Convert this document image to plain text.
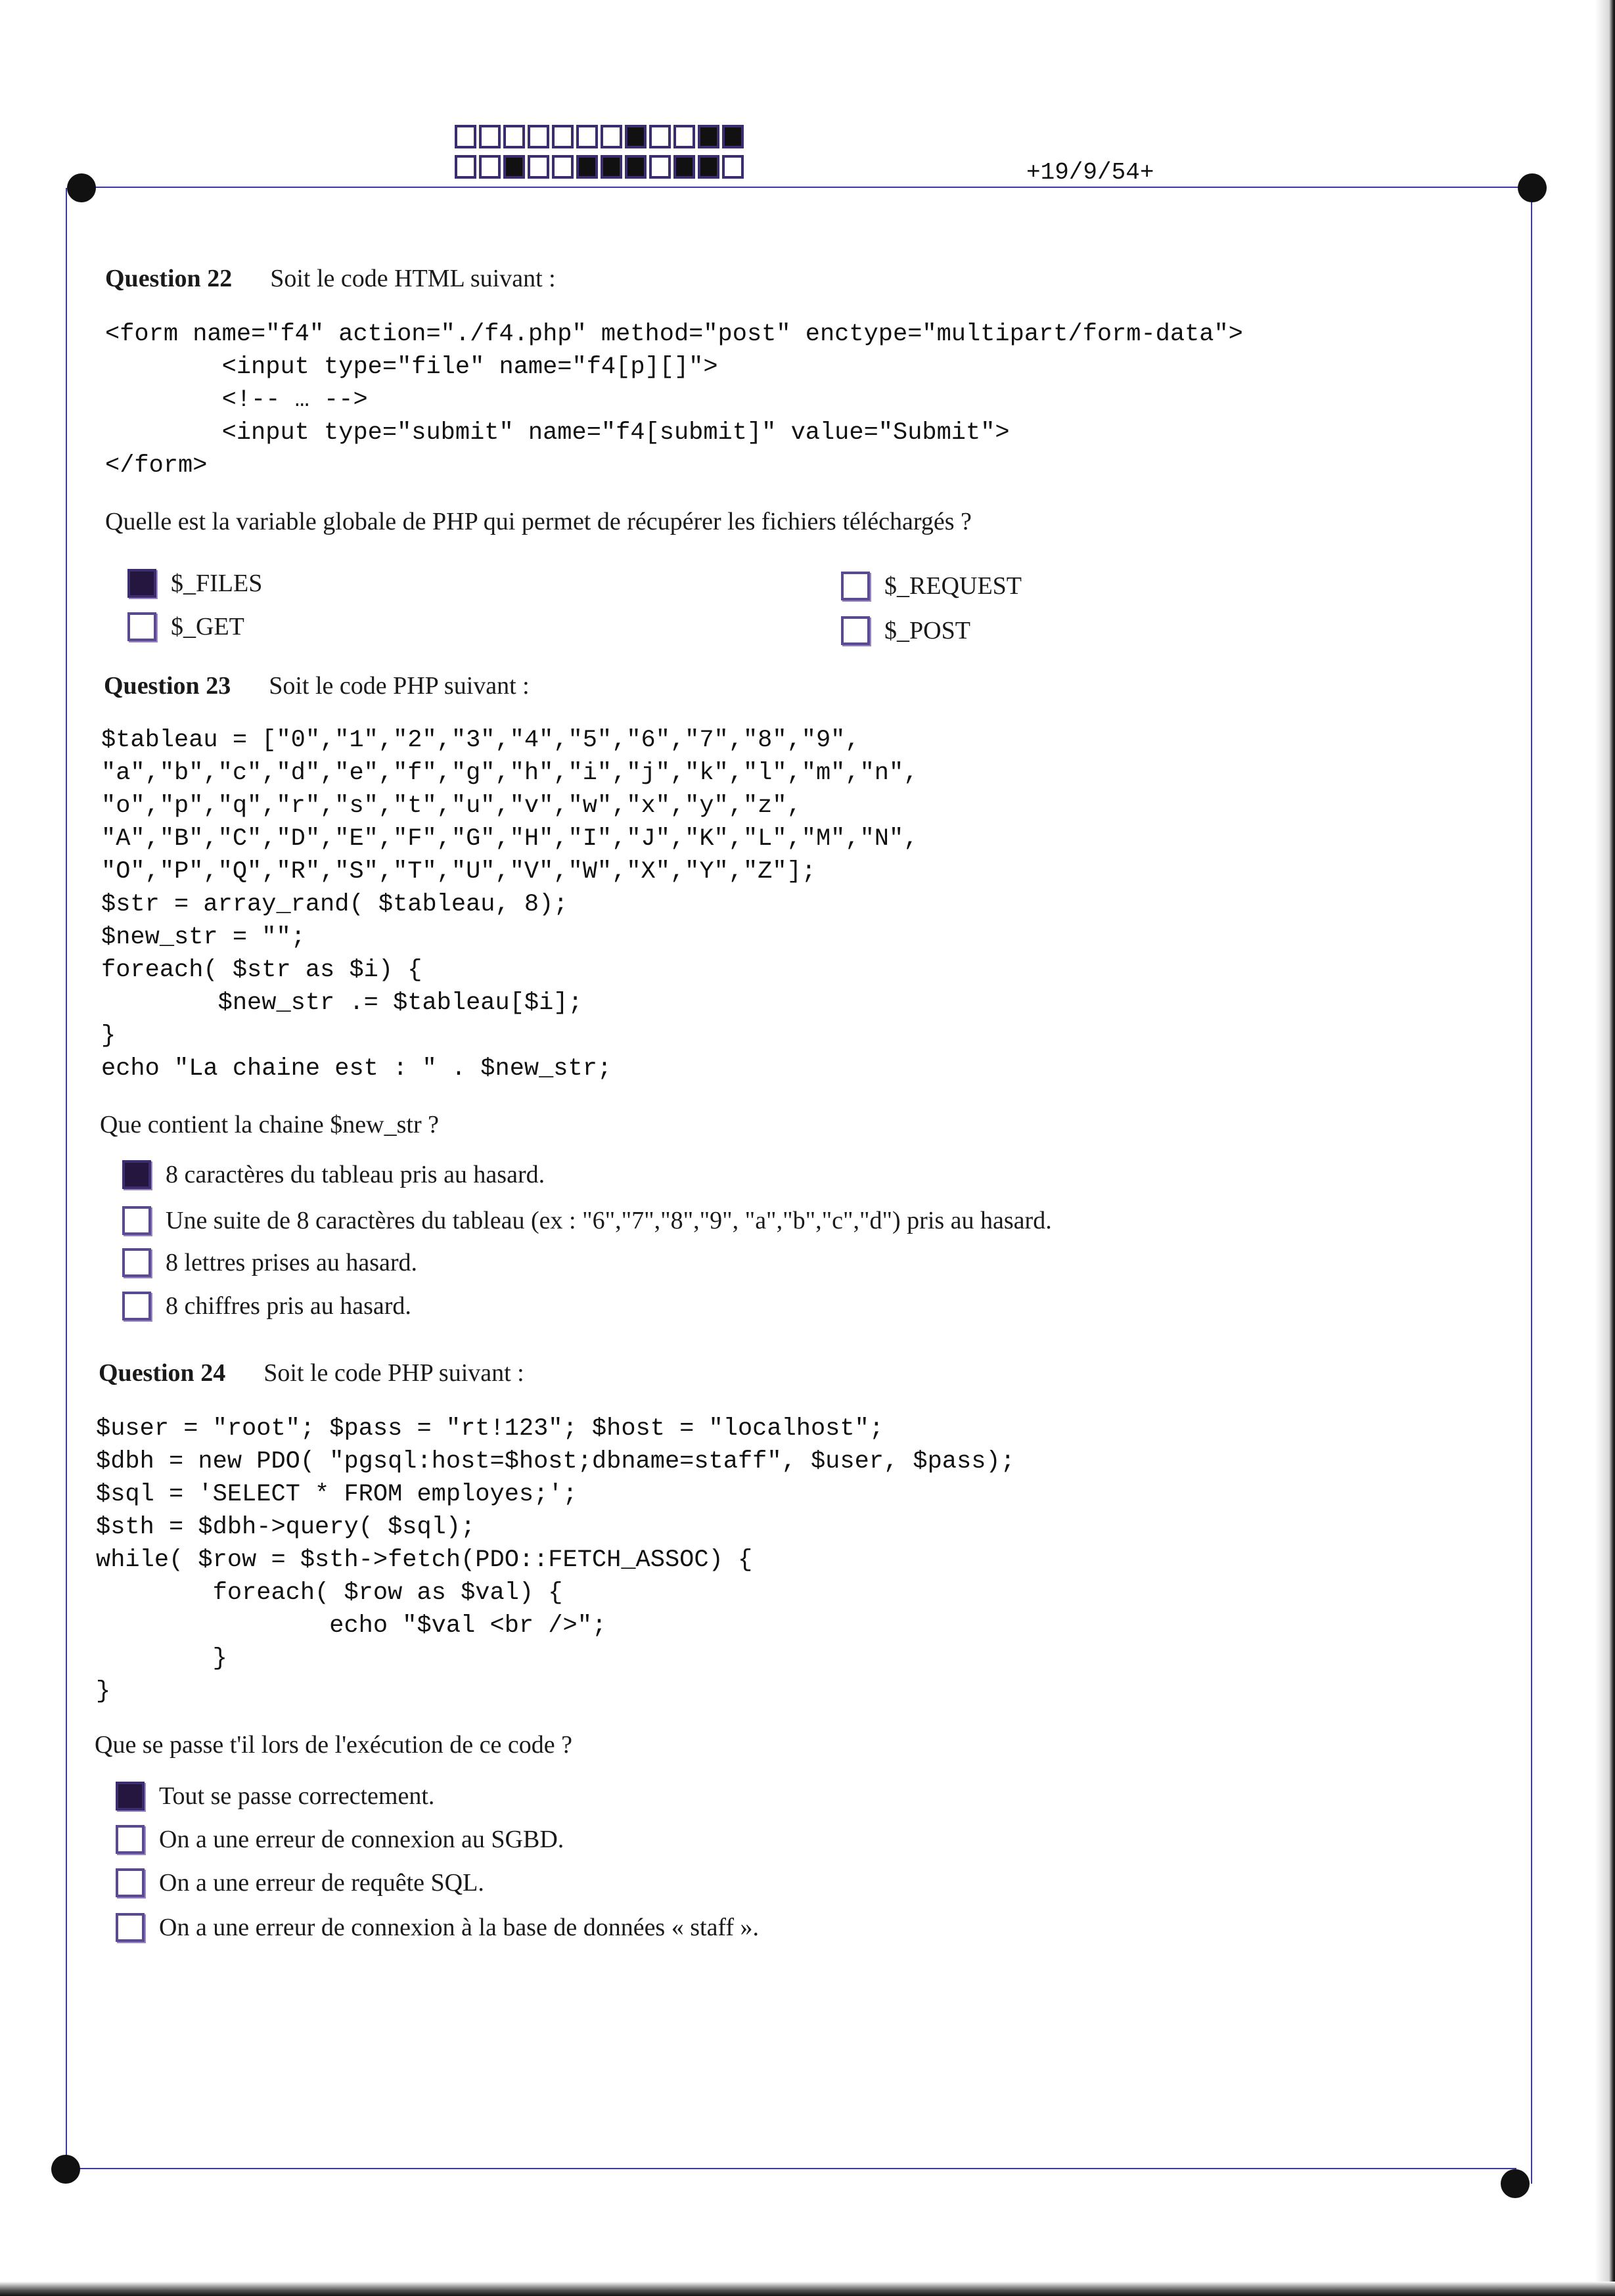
+19/9/54+
Question 22 Soit le code HTML suivant :
<form name="f4" action="./f4.php" method="post" enctype="multipart/form-data">
<input type="file" name="f4[p][]">
<!-- … -->
<input type="submit" name="f4[submit]" value="Submit">
</form>
Quelle est la variable globale de PHP qui permet de récupérer les fichiers téléchargés ?
$_FILES
$_GET
$_REQUEST
$_POST
Question 23 Soit le code PHP suivant :
$tableau = ["0","1","2","3","4","5","6","7","8","9",
"a","b","c","d","e","f","g","h","i","j","k","l","m","n",
"o","p","q","r","s","t","u","v","w","x","y","z",
"A","B","C","D","E","F","G","H","I","J","K","L","M","N",
"O","P","Q","R","S","T","U","V","W","X","Y","Z"];
$str = array_rand( $tableau, 8);
$new_str = "";
foreach( $str as $i) {
$new_str .= $tableau[$i];
}
echo "La chaine est : " . $new_str;
Que contient la chaine $new_str ?
8 caractères du tableau pris au hasard.
Une suite de 8 caractères du tableau (ex : "6","7","8","9", "a","b","c","d") pris au hasard.
8 lettres prises au hasard.
8 chiffres pris au hasard.
Question 24 Soit le code PHP suivant :
$user = "root"; $pass = "rt!123"; $host = "localhost";
$dbh = new PDO( "pgsql:host=$host;dbname=staff", $user, $pass);
$sql = 'SELECT * FROM employes;';
$sth = $dbh->query( $sql);
while( $row = $sth->fetch(PDO::FETCH_ASSOC) {
foreach( $row as $val) {
echo "$val <br />";
}
}
Que se passe t'il lors de l'exécution de ce code ?
Tout se passe correctement.
On a une erreur de connexion au SGBD.
On a une erreur de requête SQL.
On a une erreur de connexion à la base de données « staff ».
